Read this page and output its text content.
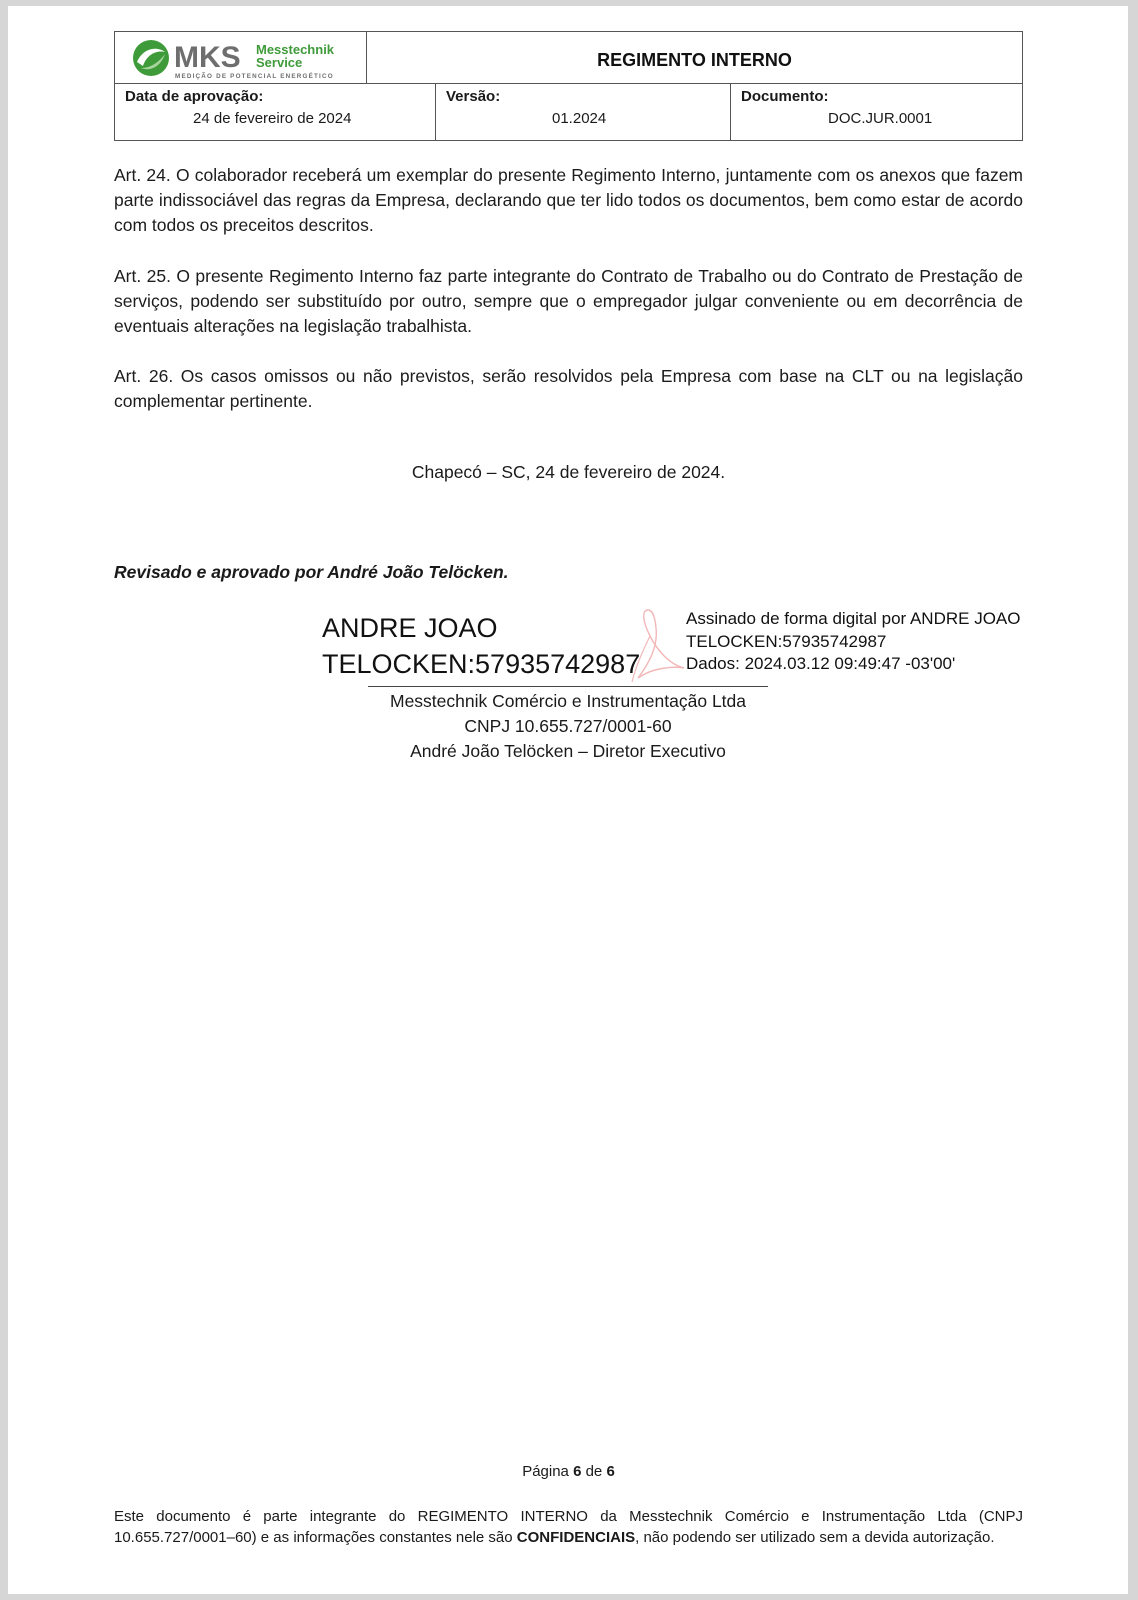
MKS Messtechnik
Service
MEDIÇÃO DE POTENCIAL ENERGÉTICO
REGIMENTO INTERNO
Data de aprovação:
24 de fevereiro de 2024
Versão:
01.2024
Documento:
DOC.JUR.0001
Art. 24. O colaborador receberá um exemplar do presente Regimento Interno, juntamente com os anexos que fazem parte indissociável das regras da Empresa, declarando que ter lido todos os documentos, bem como estar de acordo com todos os preceitos descritos.
Art. 25. O presente Regimento Interno faz parte integrante do Contrato de Trabalho ou do Contrato de Prestação de serviços, podendo ser substituído por outro, sempre que o empregador julgar conveniente ou em decorrência de eventuais alterações na legislação trabalhista.
Art. 26. Os casos omissos ou não previstos, serão resolvidos pela Empresa com base na CLT ou na legislação complementar pertinente.
Chapecó – SC, 24 de fevereiro de 2024.
Revisado e aprovado por André João Telöcken.
ANDRE JOAO
TELOCKEN:57935742987
Assinado de forma digital por ANDRE JOAO
TELOCKEN:57935742987
Dados: 2024.03.12 09:49:47 -03'00'
Messtechnik Comércio e Instrumentação Ltda
CNPJ 10.655.727/0001-60
André João Telöcken – Diretor Executivo
Página 6 de 6
Este documento é parte integrante do REGIMENTO INTERNO da Messtechnik Comércio e Instrumentação Ltda (CNPJ 10.655.727/0001–60) e as informações constantes nele são CONFIDENCIAIS, não podendo ser utilizado sem a devida autorização.
